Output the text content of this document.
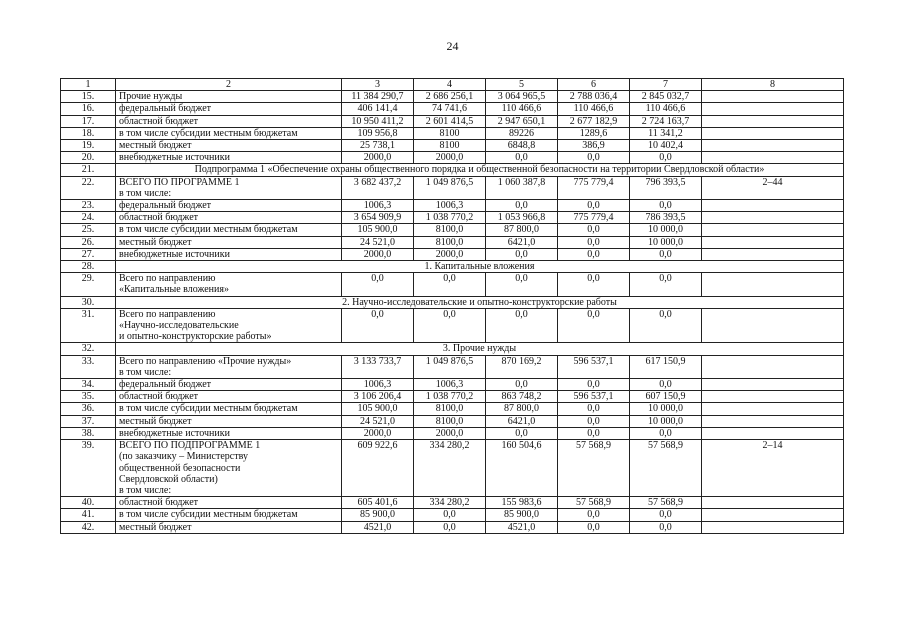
24
1	2	3	4	5	6	7	8
15.	Прочие нужды	11 384 290,7	2 686 256,1	3 064 965,5	2 788 036,4	2 845 032,7	
16.	федеральный бюджет	406 141,4	74 741,6	110 466,6	110 466,6	110 466,6	
17.	областной бюджет	10 950 411,2	2 601 414,5	2 947 650,1	2 677 182,9	2 724 163,7	
18.	в том числе субсидии местным бюджетам	109 956,8	8100	89226	1289,6	11 341,2	
19.	местный бюджет	25 738,1	8100	6848,8	386,9	10 402,4	
20.	внебюджетные источники	2000,0	2000,0	0,0	0,0	0,0	
21.	Подпрограмма 1 «Обеспечение охраны общественного порядка и общественной безопасности на территории Свердловской области»						
22.	ВСЕГО ПО ПРОГРАММЕ 1
в том числе:	3 682 437,2	1 049 876,5	1 060 387,8	775 779,4	796 393,5	2–44
23.	федеральный бюджет	1006,3	1006,3	0,0	0,0	0,0	
24.	областной бюджет	3 654 909,9	1 038 770,2	1 053 966,8	775 779,4	786 393,5	
25.	в том числе субсидии местным бюджетам	105 900,0	8100,0	87 800,0	0,0	10 000,0	
26.	местный бюджет	24 521,0	8100,0	6421,0	0,0	10 000,0	
27.	внебюджетные источники	2000,0	2000,0	0,0	0,0	0,0	
28.	1. Капитальные вложения						
29.	Всего по направлению
«Капитальные вложения»	0,0	0,0	0,0	0,0	0,0	
30.	2. Научно-исследовательские и опытно-конструкторские работы						
31.	Всего по направлению
«Научно-исследовательские
и опытно-конструкторские работы»	0,0	0,0	0,0	0,0	0,0	
32.	3. Прочие нужды						
33.	Всего по направлению «Прочие нужды»
в том числе:	3 133 733,7	1 049 876,5	870 169,2	596 537,1	617 150,9	
34.	федеральный бюджет	1006,3	1006,3	0,0	0,0	0,0	
35.	областной бюджет	3 106 206,4	1 038 770,2	863 748,2	596 537,1	607 150,9	
36.	в том числе субсидии местным бюджетам	105 900,0	8100,0	87 800,0	0,0	10 000,0	
37.	местный бюджет	24 521,0	8100,0	6421,0	0,0	10 000,0	
38.	внебюджетные источники	2000,0	2000,0	0,0	0,0	0,0	
39.	ВСЕГО ПО ПОДПРОГРАММЕ 1
(по заказчику – Министерству
общественной безопасности
Свердловской области)
в том числе:	609 922,6	334 280,2	160 504,6	57 568,9	57 568,9	2–14
40.	областной бюджет	605 401,6	334 280,2	155 983,6	57 568,9	57 568,9	
41.	в том числе субсидии местным бюджетам	85 900,0	0,0	85 900,0	0,0	0,0	
42.	местный бюджет	4521,0	0,0	4521,0	0,0	0,0	
